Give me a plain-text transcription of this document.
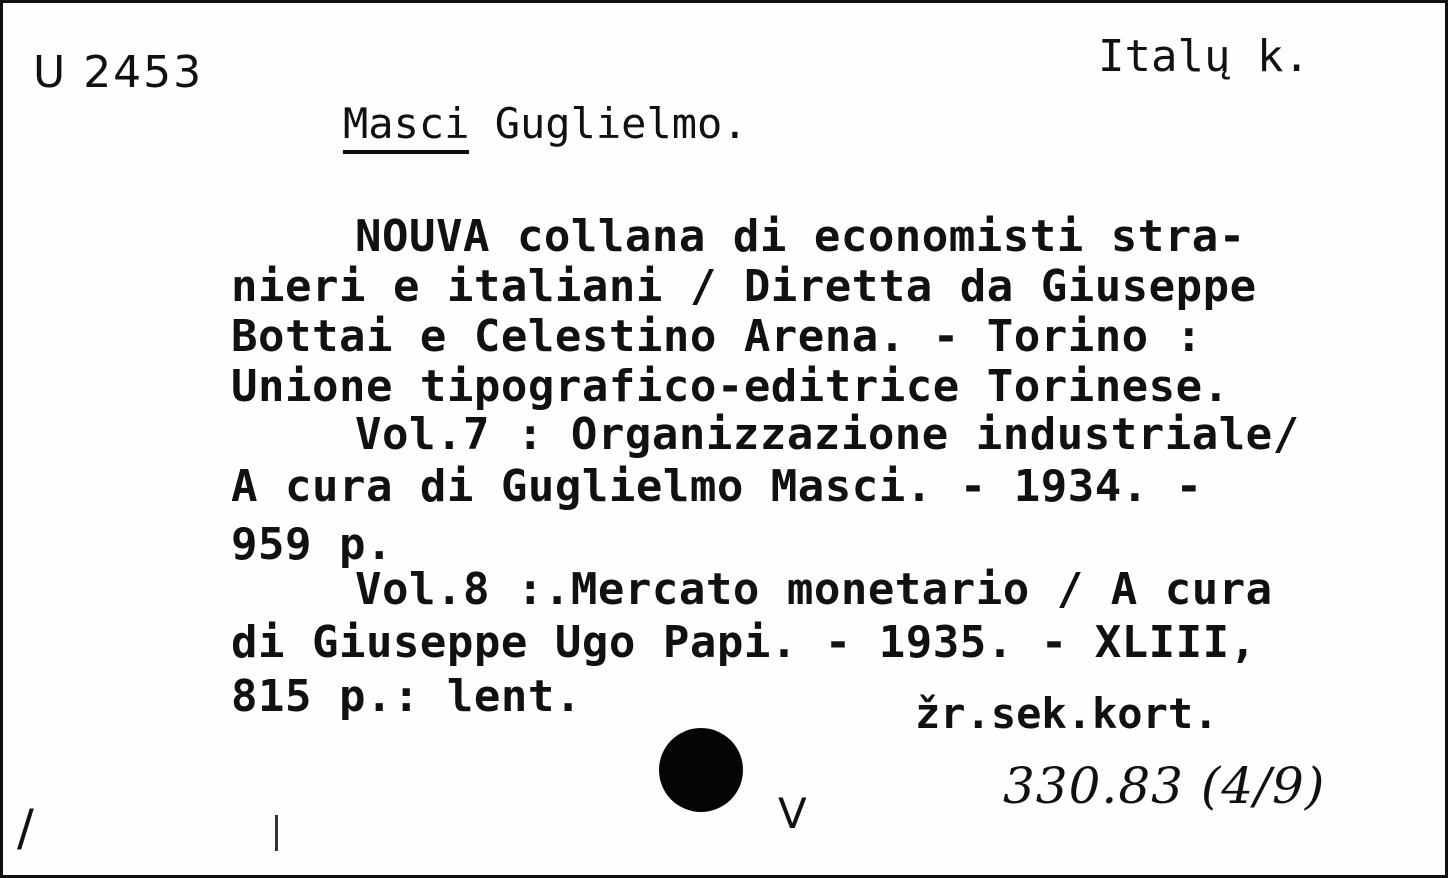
U 2453	Italų k.
Masci Guglielmo.
NOUVA collana di economisti stra-
nieri e italiani / Diretta da Giuseppe
Bottai e Celestino Arena. - Torino :
Unione tipografico-editrice Torinese.
Vol.7 : Organizzazione industriale/
A cura di Guglielmo Masci. - 1934. -
959 p.
Vol.8 :.Mercato monetario / A cura
di Giuseppe Ugo Papi. - 1935. - XLIII,
815 p.: lent.	žr.sek.kort.
330.83 (4/9)
V
/
